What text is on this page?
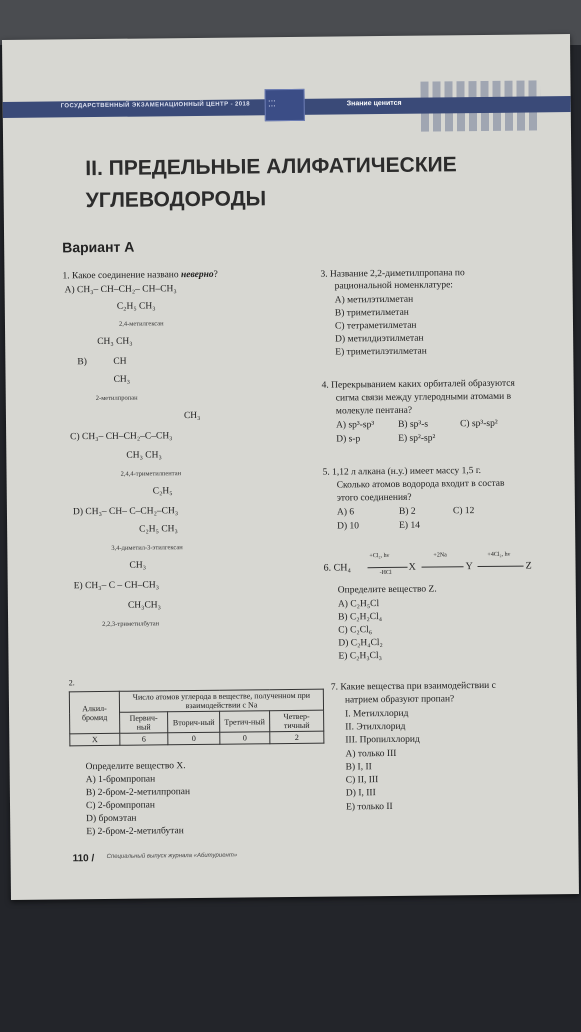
ГОСУДАРСТВЕННЫЙ ЭКЗАМЕНАЦИОННЫЙ ЦЕНТР - 2018
▪ ▪ ▪
▪ ▪ ▪	Знание ценится
II. ПРЕДЕЛЬНЫЕ АЛИФАТИЧЕСКИЕ
УГЛЕВОДОРОДЫ
Вариант А
1. Какое соединение названо неверно?
А) CH₃– CH–CH₂– CH–CH₃
C₂H₅ CH₃
2,4-метилгексан
CH₃ CH₃
В)	CH
CH₃
2-метилпропан
CH₃
С) CH₃– CH–CH₂–C–CH₃
CH₃ CH₃
2,4,4-триметилпентан
C₂H₅
D) CH₃– CH– C–CH₂–CH₃
C₂H₅ CH₃
3,4-диметил-3-этилгексан
CH₃
Е) CH₃– C – CH–CH₃
CH₃CH₃
2,2,3-триметилбутан
2.
Алкил-бромид	Число атомов углерода в веществе, полученном при взаимодействии с Na			
	Первич-ный	Вторич-ный	Третич-ный	Четвер-тичный
X	6	0	0	2
Определите вещество X.
А) 1-бромпропан
В) 2-бром-2-метилпропан
С) 2-бромпропан
D) бромэтан
Е) 2-бром-2-метилбутан
3. Название 2,2-диметилпропана по
рациональной номенклатуре:
А) метилэтилметан
В) триметилметан
С) тетраметилметан
D) метилдиэтилметан
Е) триметилэтилметан
4. Перекрыванием каких орбиталей образуются
сигма связи между углеродными атомами в
молекуле пентана?
А) sp³-sp³ В) sp³-s	С) sp³-sp²
D) s-p	Е) sp²-sp²
5. 1,12 л алкана (н.у.) имеет массу 1,5 г.
Сколько атомов водорода входит в состав
этого соединения?
А) 6	В) 2	С) 12
D) 10	Е) 14
6. CH₄
+Cl₂, hν
-HCl
X
+2Na
Y
+4Cl₂, hν
Z
Определите вещество Z.
А) C₂H₅Cl
В) C₂H₂Cl₄
С) C₂Cl₆
D) C₂H₄Cl₂
Е) C₂H₃Cl₃
7. Какие вещества при взаимодействии с
натрием образуют пропан?
I. Метилхлорид
II. Этилхлорид
III. Пропилхлорид
А) только III
В) I, II
С) II, III
D) I, III
Е) только II
110 / Специальный выпуск журнала «Абитуриент»
